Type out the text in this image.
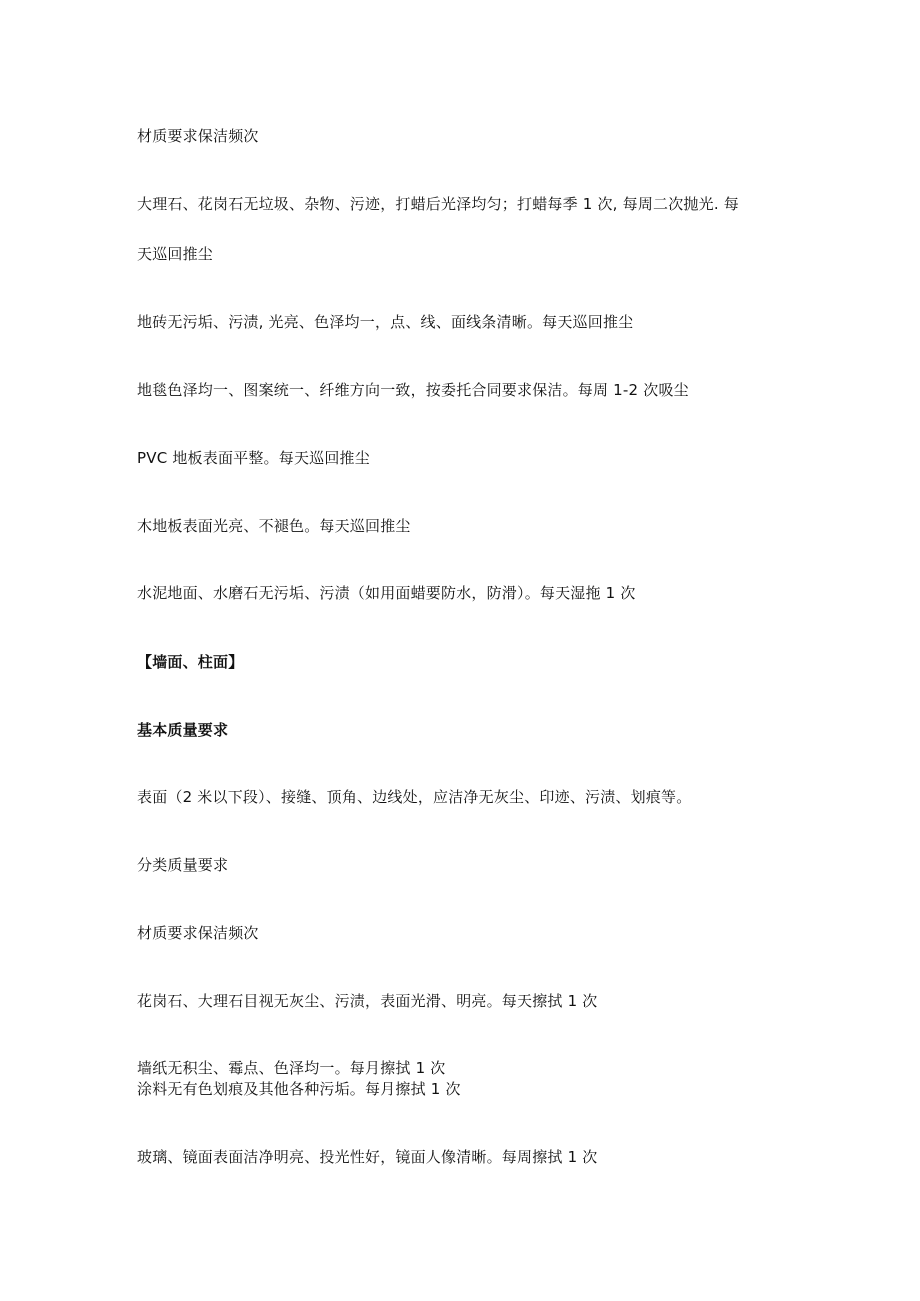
材质要求保洁频次
大理石、花岗石无垃圾、杂物、污迹，打蜡后光泽均匀；打蜡每季 1 次, 每周二次抛光. 每
天巡回推尘
地砖无污垢、污渍, 光亮、色泽均一，点、线、面线条清晰。每天巡回推尘
地毯色泽均一、图案统一、纤维方向一致，按委托合同要求保洁。每周 1-2 次吸尘
PVC 地板表面平整。每天巡回推尘
木地板表面光亮、不褪色。每天巡回推尘
水泥地面、水磨石无污垢、污渍（如用面蜡要防水，防滑）。每天湿拖 1 次
【墙面、柱面】
基本质量要求
表面（2 米以下段）、接缝、顶角、边线处，应洁净无灰尘、印迹、污渍、划痕等。
分类质量要求
材质要求保洁频次
花岗石、大理石目视无灰尘、污渍，表面光滑、明亮。每天擦拭 1 次
墙纸无积尘、霉点、色泽均一。每月擦拭 1 次
涂料无有色划痕及其他各种污垢。每月擦拭 1 次
玻璃、镜面表面洁净明亮、投光性好，镜面人像清晰。每周擦拭 1 次
